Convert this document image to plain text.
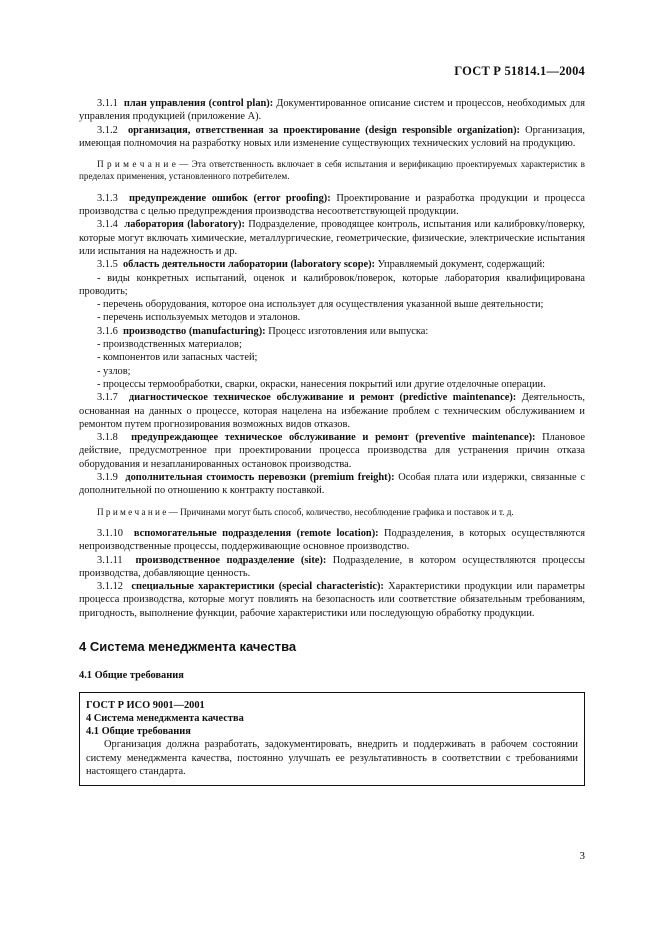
ГОСТ Р 51814.1—2004

3.1.1 план управления (control plan): Документированное описание систем и процессов, необходимых для управления продукцией (приложение А).

3.1.2 организация, ответственная за проектирование (design responsible organization): Организация, имеющая полномочия на разработку новых или изменение существующих технических условий на продукцию.

П р и м е ч а н и е — Эта ответственность включает в себя испытания и верификацию проектируемых характеристик в пределах применения, установленного потребителем.

3.1.3 предупреждение ошибок (error proofing): Проектирование и разработка продукции и процесса производства с целью предупреждения производства несоответствующей продукции.

3.1.4 лаборатория (laboratory): Подразделение, проводящее контроль, испытания или калибровку/поверку, которые могут включать химические, металлургические, геометрические, физические, электрические испытания или испытания на надежность и др.

3.1.5 область деятельности лаборатории (laboratory scope): Управляемый документ, содержащий:

- виды конкретных испытаний, оценок и калибровок/поверок, которые лаборатория квалифицирована проводить;

- перечень оборудования, которое она использует для осуществления указанной выше деятельности;

- перечень используемых методов и эталонов.

3.1.6 производство (manufacturing): Процесс изготовления или выпуска:

- производственных материалов;

- компонентов или запасных частей;

- узлов;

- процессы термообработки, сварки, окраски, нанесения покрытий или другие отделочные операции.

3.1.7 диагностическое техническое обслуживание и ремонт (predictive maintenance): Деятельность, основанная на данных о процессе, которая нацелена на избежание проблем с техническим обслуживанием и ремонтом путем прогнозирования возможных видов отказов.

3.1.8 предупреждающее техническое обслуживание и ремонт (preventive maintenance): Плановое действие, предусмотренное при проектировании процесса производства для устранения причин отказа оборудования и незапланированных остановок производства.

3.1.9 дополнительная стоимость перевозки (premium freight): Особая плата или издержки, связанные с дополнительной по отношению к контракту поставкой.

П р и м е ч а н и е — Причинами могут быть способ, количество, несоблюдение графика и поставок и т. д.

3.1.10 вспомогательные подразделения (remote location): Подразделения, в которых осуществляются непроизводственные процессы, поддерживающие основное производство.

3.1.11 производственное подразделение (site): Подразделение, в котором осуществляются процессы производства, добавляющие ценность.

3.1.12 специальные характеристики (special characteristic): Характеристики продукции или параметры процесса производства, которые могут повлиять на безопасность или соответствие обязательным требованиям, пригодность, выполнение функции, рабочие характеристики или последующую обработку продукции.

4 Система менеджмента качества

4.1 Общие требования

ГОСТ Р ИСО 9001—2001

4 Система менеджмента качества

4.1 Общие требования

Организация должна разработать, задокументировать, внедрить и поддерживать в рабочем состоянии систему менеджмента качества, постоянно улучшать ее результативность в соответствии с требованиями настоящего стандарта.

3
